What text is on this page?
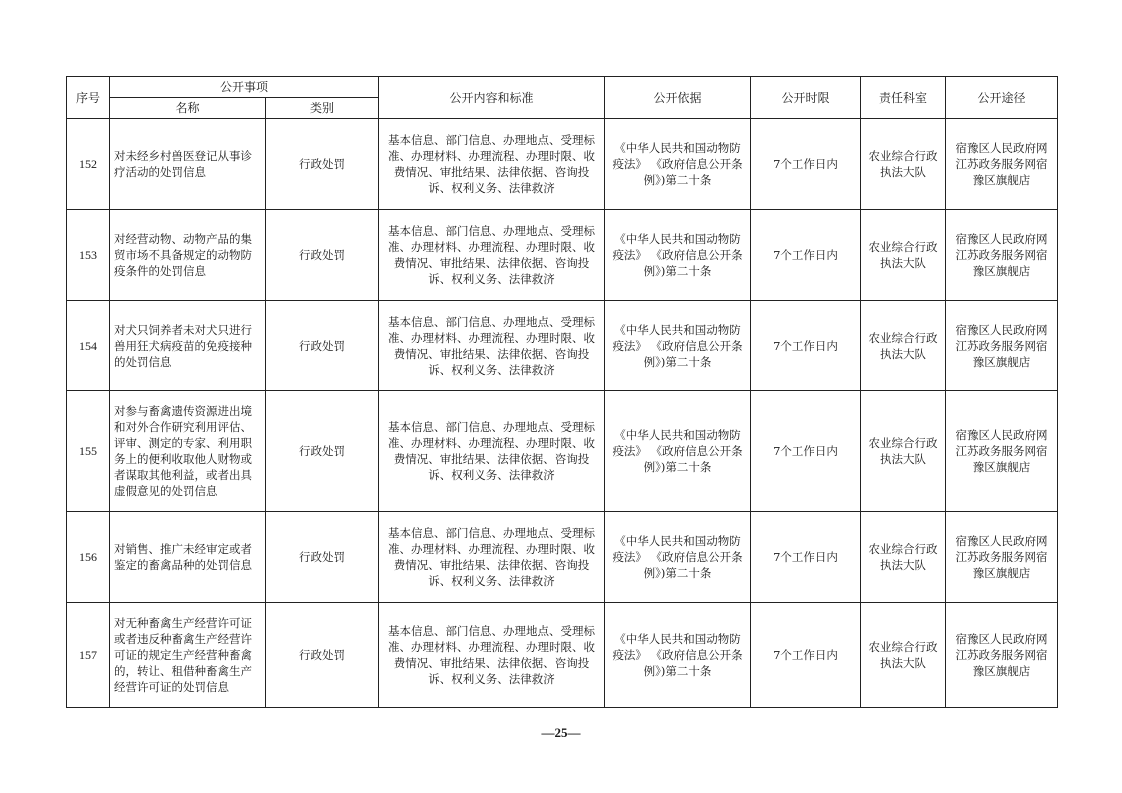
序号	公开事项		公开内容和标准	公开依据	公开时限	责任科室	公开途径
	名称	类别					
152	对未经乡村兽医登记从事诊疗活动的处罚信息	行政处罚	基本信息、部门信息、办理地点、受理标准、办理材料、办理流程、办理时限、收费情况、审批结果、法律依据、咨询投诉、权利义务、法律救济	《中华人民共和国动物防疫法》 《政府信息公开条例》)第二十条	7个工作日内	农业综合行政执法大队	宿豫区人民政府网江苏政务服务网宿豫区旗舰店
153	对经营动物、动物产品的集贸市场不具备规定的动物防疫条件的处罚信息	行政处罚	基本信息、部门信息、办理地点、受理标准、办理材料、办理流程、办理时限、收费情况、审批结果、法律依据、咨询投诉、权利义务、法律救济	《中华人民共和国动物防疫法》 《政府信息公开条例》)第二十条	7个工作日内	农业综合行政执法大队	宿豫区人民政府网江苏政务服务网宿豫区旗舰店
154	对犬只饲养者未对犬只进行兽用狂犬病疫苗的免疫接种的处罚信息	行政处罚	基本信息、部门信息、办理地点、受理标准、办理材料、办理流程、办理时限、收费情况、审批结果、法律依据、咨询投诉、权利义务、法律救济	《中华人民共和国动物防疫法》 《政府信息公开条例》)第二十条	7个工作日内	农业综合行政执法大队	宿豫区人民政府网江苏政务服务网宿豫区旗舰店
155	对参与畜禽遗传资源进出境和对外合作研究利用评估、评审、测定的专家、利用职务上的便利收取他人财物或者谋取其他利益，或者出具虚假意见的处罚信息	行政处罚	基本信息、部门信息、办理地点、受理标准、办理材料、办理流程、办理时限、收费情况、审批结果、法律依据、咨询投诉、权利义务、法律救济	《中华人民共和国动物防疫法》 《政府信息公开条例》)第二十条	7个工作日内	农业综合行政执法大队	宿豫区人民政府网江苏政务服务网宿豫区旗舰店
156	对销售、推广未经审定或者鉴定的畜禽品种的处罚信息	行政处罚	基本信息、部门信息、办理地点、受理标准、办理材料、办理流程、办理时限、收费情况、审批结果、法律依据、咨询投诉、权利义务、法律救济	《中华人民共和国动物防疫法》 《政府信息公开条例》)第二十条	7个工作日内	农业综合行政执法大队	宿豫区人民政府网江苏政务服务网宿豫区旗舰店
157	对无种畜禽生产经营许可证或者违反种畜禽生产经营许可证的规定生产经营种畜禽的，转让、租借种畜禽生产经营许可证的处罚信息	行政处罚	基本信息、部门信息、办理地点、受理标准、办理材料、办理流程、办理时限、收费情况、审批结果、法律依据、咨询投诉、权利义务、法律救济	《中华人民共和国动物防疫法》 《政府信息公开条例》)第二十条	7个工作日内	农业综合行政执法大队	宿豫区人民政府网江苏政务服务网宿豫区旗舰店
—25—
